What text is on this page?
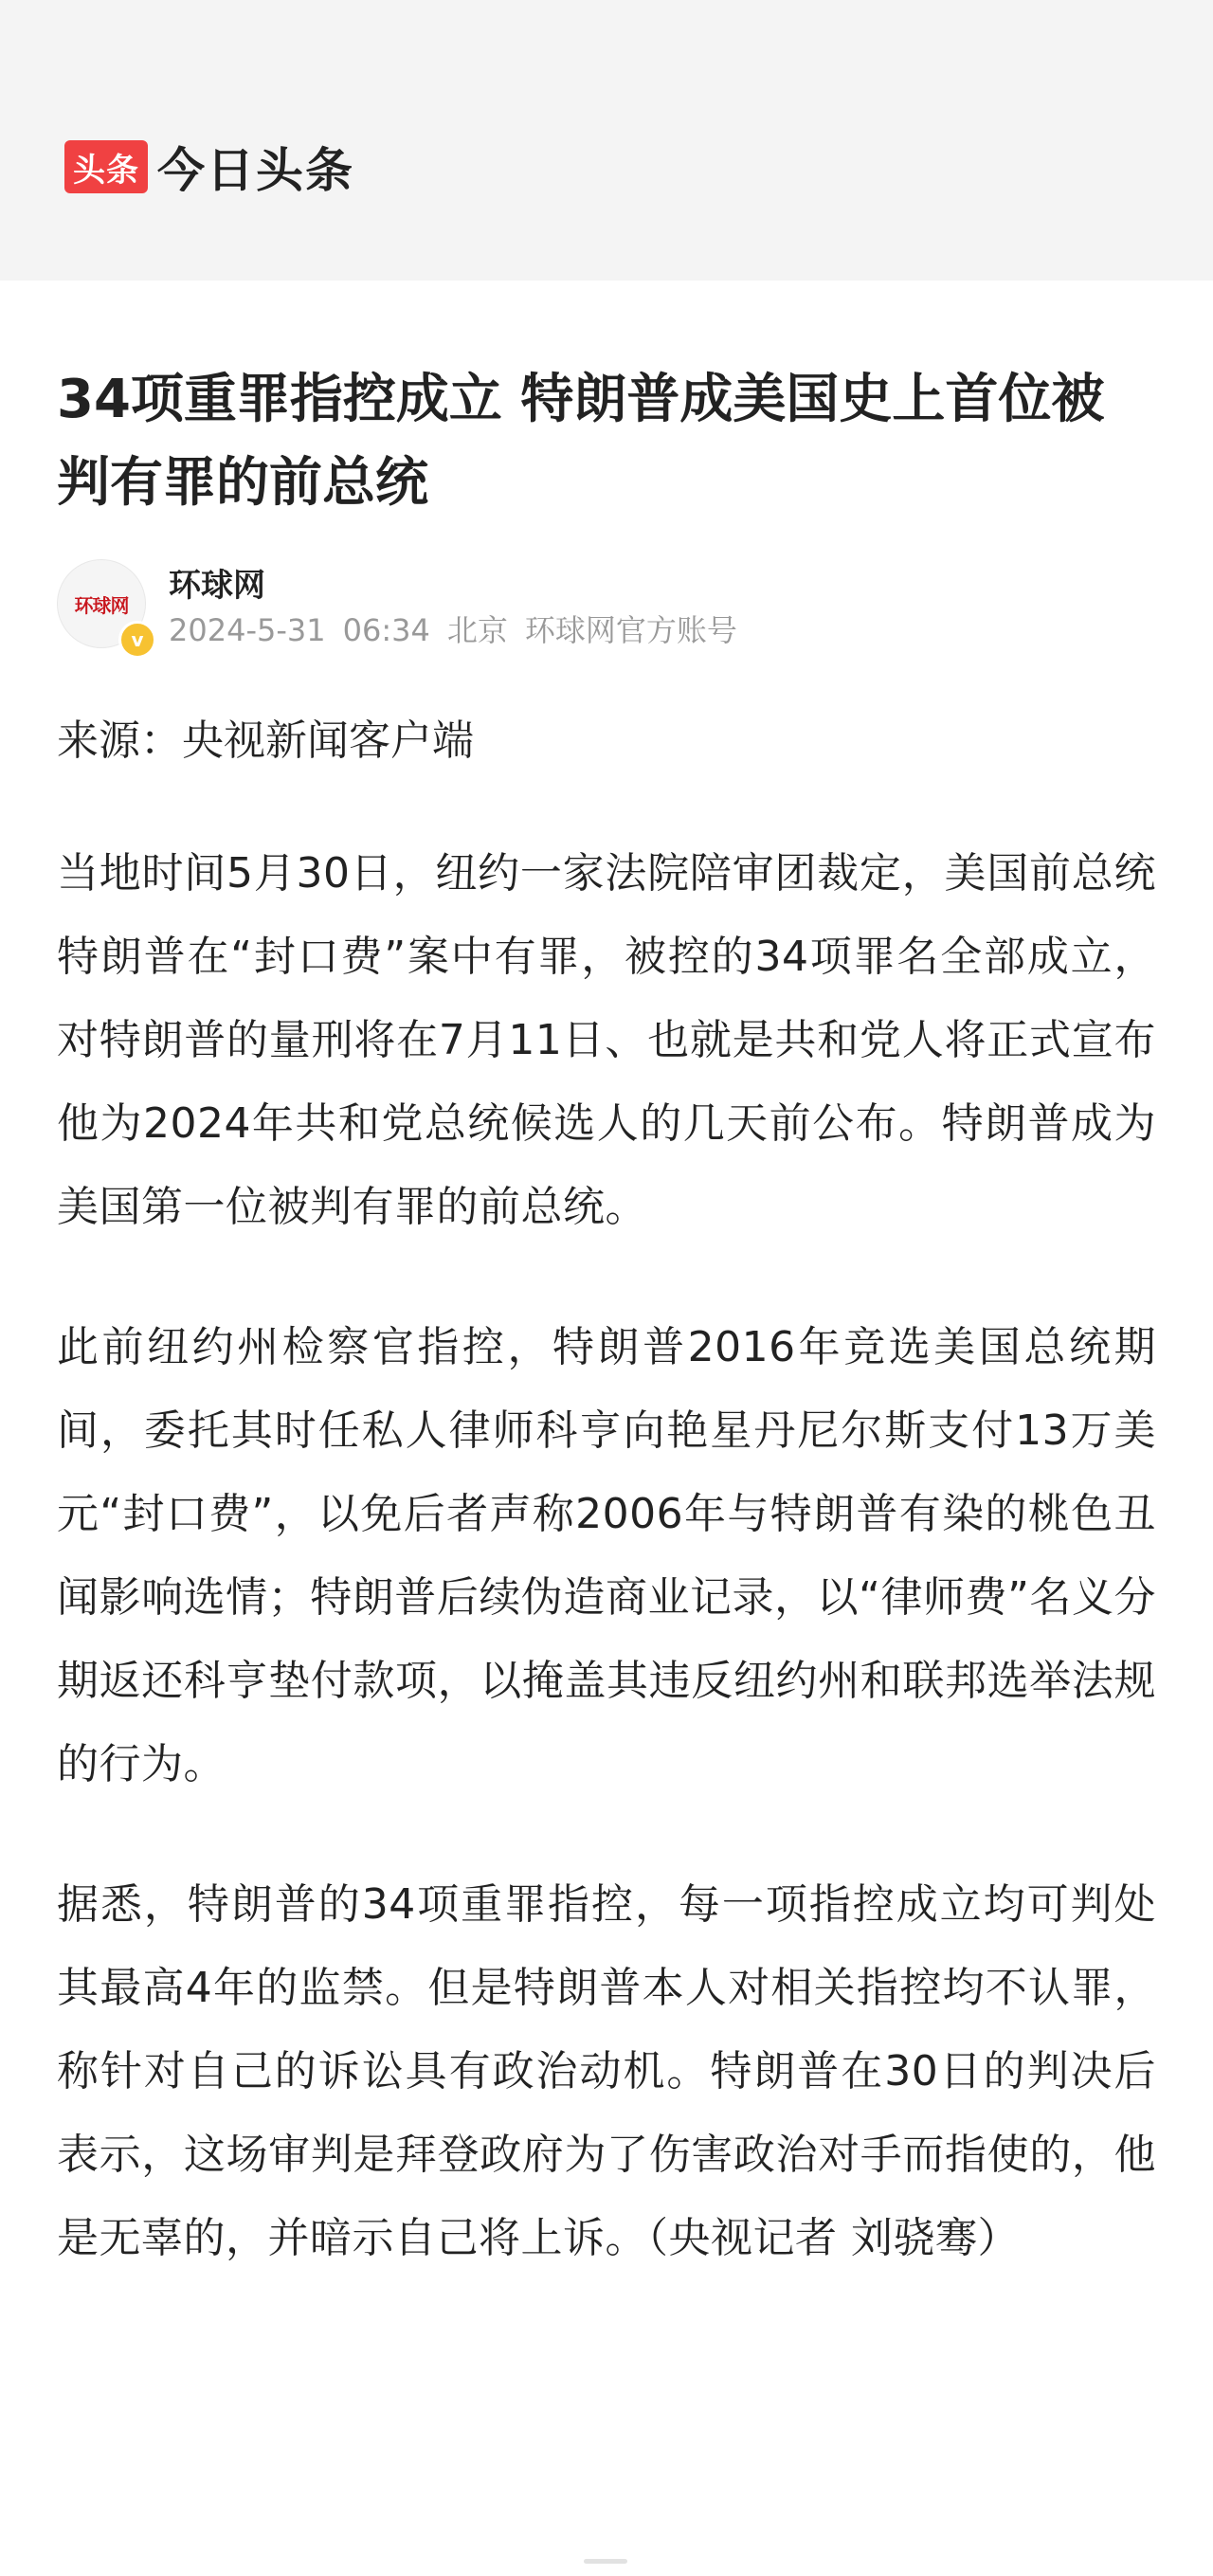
头条 今日头条
34项重罪指控成立 特朗普成美国史上首位被判有罪的前总统
环球网
v
环球网
2024-5-31 06:34 北京 环球网官方账号

来源：央视新闻客户端

当地时间5月30日，纽约一家法院陪审团裁定，美国前总统特朗普在“封口费”案中有罪，被控的34项罪名全部成立，对特朗普的量刑将在7月11日、也就是共和党人将正式宣布他为2024年共和党总统候选人的几天前公布。特朗普成为美国第一位被判有罪的前总统。

此前纽约州检察官指控，特朗普2016年竞选美国总统期间，委托其时任私人律师科亨向艳星丹尼尔斯支付13万美元“封口费”，以免后者声称2006年与特朗普有染的桃色丑闻影响选情；特朗普后续伪造商业记录，以“律师费”名义分期返还科亨垫付款项，以掩盖其违反纽约州和联邦选举法规的行为。

据悉，特朗普的34项重罪指控，每一项指控成立均可判处其最高4年的监禁。但是特朗普本人对相关指控均不认罪，称针对自己的诉讼具有政治动机。特朗普在30日的判决后表示，这场审判是拜登政府为了伤害政治对手而指使的，他是无辜的，并暗示自己将上诉。（央视记者 刘骁骞）
